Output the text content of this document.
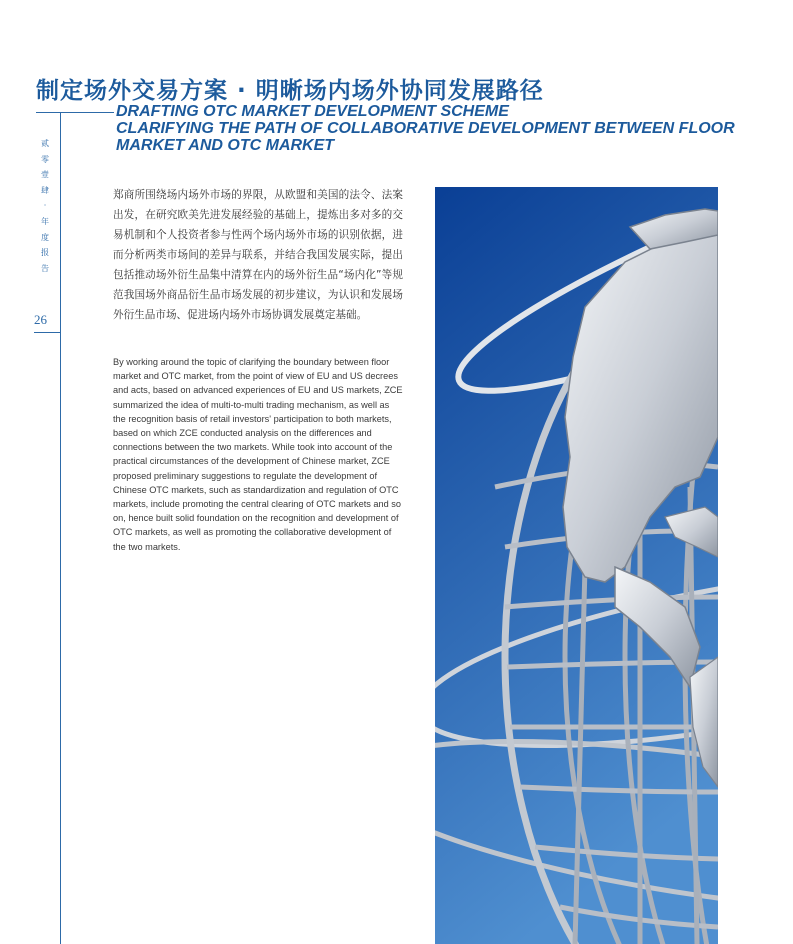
制定场外交易方案 · 明晰场内场外协同发展路径
DRAFTING OTC MARKET DEVELOPMENT SCHEME
CLARIFYING THE PATH OF COLLABORATIVE DEVELOPMENT BETWEEN FLOOR
MARKET AND OTC MARKET
贰
零
壹
肆
·
年
度
报
告
26

郑商所围绕场内场外市场的界限，从欧盟和美国的法令、法案出发，在研究欧美先进发展经验的基础上，提炼出多对多的交易机制和个人投资者参与性两个场内场外市场的识别依据，进而分析两类市场间的差异与联系，并结合我国发展实际，提出包括推动场外衍生品集中清算在内的场外衍生品“场内化”等规范我国场外商品衍生品市场发展的初步建议，为认识和发展场外衍生品市场、促进场内场外市场协调发展奠定基础。

By working around the topic of clarifying the boundary between floor market and OTC market, from the point of view of EU and US decrees and acts, based on advanced experiences of EU and US markets, ZCE summarized the idea of multi-to-multi trading mechanism, as well as the recognition basis of retail investors' participation to both markets, based on which ZCE conducted analysis on the differences and connections between the two markets. While took into account of the practical circumstances of the development of Chinese market, ZCE proposed preliminary suggestions to regulate the development of Chinese OTC markets, such as standardization and regulation of OTC markets, include promoting the central clearing of OTC markets and so on, hence built solid foundation on the recognition and development of OTC markets, as well as promoting the collaborative development of the two markets.
